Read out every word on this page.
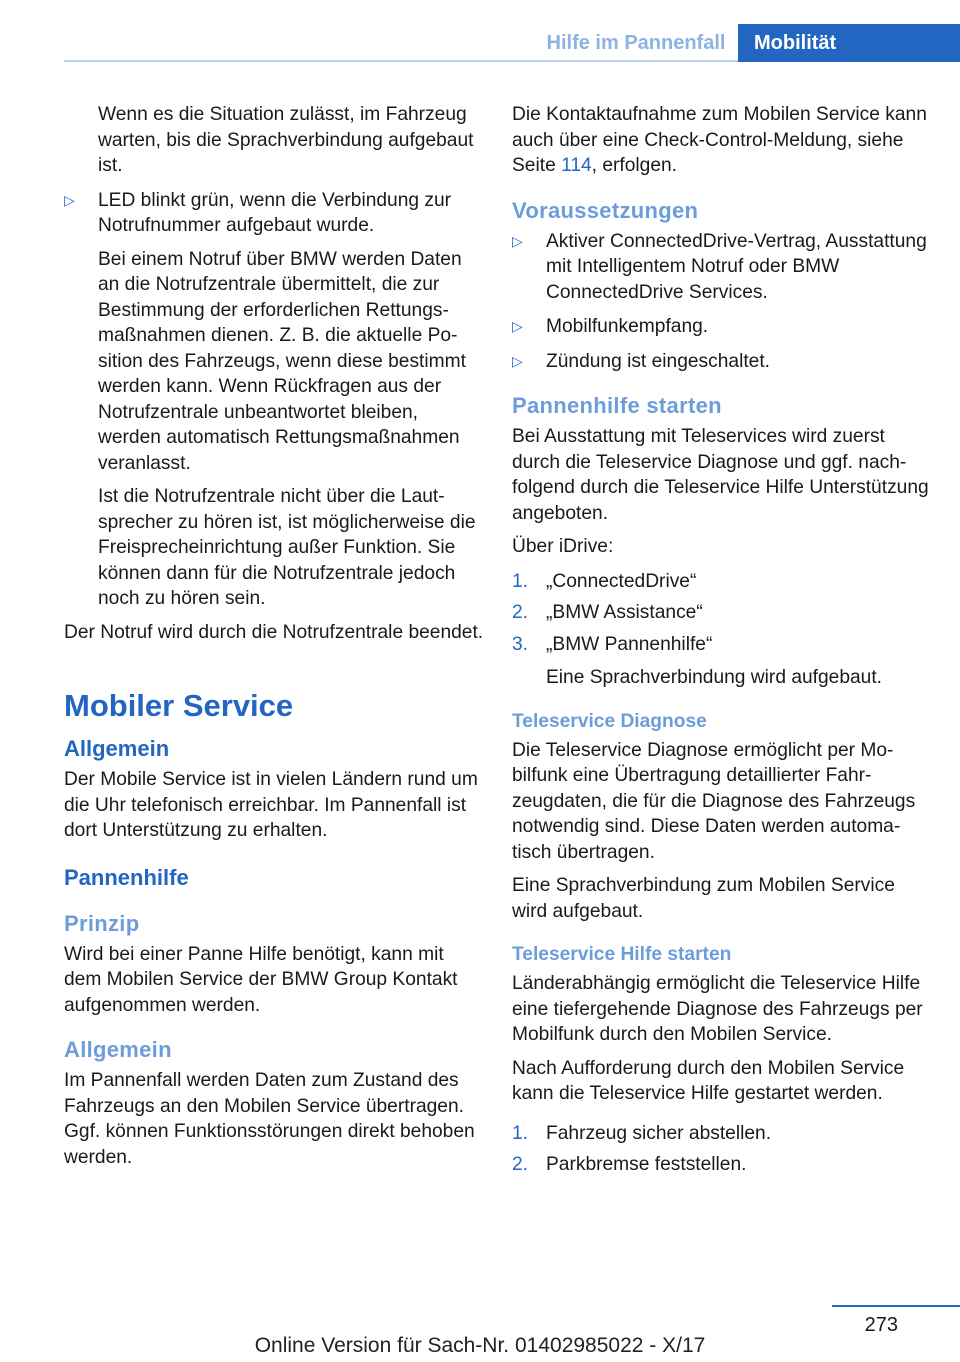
Hilfe im Pannenfall	Mobilität

Wenn es die Situation zulässt, im Fahrzeug warten, bis die Sprachverbindung aufgebaut ist.

▷ LED blinkt grün, wenn die Verbindung zur Notrufnummer aufgebaut wurde.

Bei einem Notruf über BMW werden Daten an die Notrufzentrale übermittelt, die zur Bestimmung der erforderlichen Rettungsmaßnahmen dienen. Z. B. die aktuelle Position des Fahrzeugs, wenn diese bestimmt werden kann. Wenn Rückfragen aus der Notrufzentrale unbeantwortet bleiben, werden automatisch Rettungsmaßnahmen veranlasst.

Ist die Notrufzentrale nicht über die Lautsprecher zu hören ist, ist möglicherweise die Freisprecheinrichtung außer Funktion. Sie können dann für die Notrufzentrale jedoch noch zu hören sein.

Der Notruf wird durch die Notrufzentrale beendet.

Mobiler Service
Allgemein

Der Mobile Service ist in vielen Ländern rund um die Uhr telefonisch erreichbar. Im Pannenfall ist dort Unterstützung zu erhalten.

Pannenhilfe
Prinzip

Wird bei einer Panne Hilfe benötigt, kann mit dem Mobilen Service der BMW Group Kontakt aufgenommen werden.

Allgemein

Im Pannenfall werden Daten zum Zustand des Fahrzeugs an den Mobilen Service übertragen. Ggf. können Funktionsstörungen direkt behoben werden.

Die Kontaktaufnahme zum Mobilen Service kann auch über eine Check-Control-Meldung, siehe Seite 114, erfolgen.

Voraussetzungen
▷ Aktiver ConnectedDrive-Vertrag, Ausstattung mit Intelligentem Notruf oder BMW ConnectedDrive Services.

▷ Mobilfunkempfang.

▷ Zündung ist eingeschaltet.

Pannenhilfe starten

Bei Ausstattung mit Teleservices wird zuerst durch die Teleservice Diagnose und ggf. nachfolgend durch die Teleservice Hilfe Unterstützung angeboten.

Über iDrive:

1. „ConnectedDrive“

2. „BMW Assistance“

3. „BMW Pannenhilfe“

Eine Sprachverbindung wird aufgebaut.

Teleservice Diagnose

Die Teleservice Diagnose ermöglicht per Mobilfunk eine Übertragung detaillierter Fahrzeugdaten, die für die Diagnose des Fahrzeugs notwendig sind. Diese Daten werden automatisch übertragen.

Eine Sprachverbindung zum Mobilen Service wird aufgebaut.

Teleservice Hilfe starten

Länderabhängig ermöglicht die Teleservice Hilfe eine tiefergehende Diagnose des Fahrzeugs per Mobilfunk durch den Mobilen Service.

Nach Aufforderung durch den Mobilen Service kann die Teleservice Hilfe gestartet werden.

1. Fahrzeug sicher abstellen.

2. Parkbremse feststellen.

273
Online Version für Sach-Nr. 01402985022 - X/17
